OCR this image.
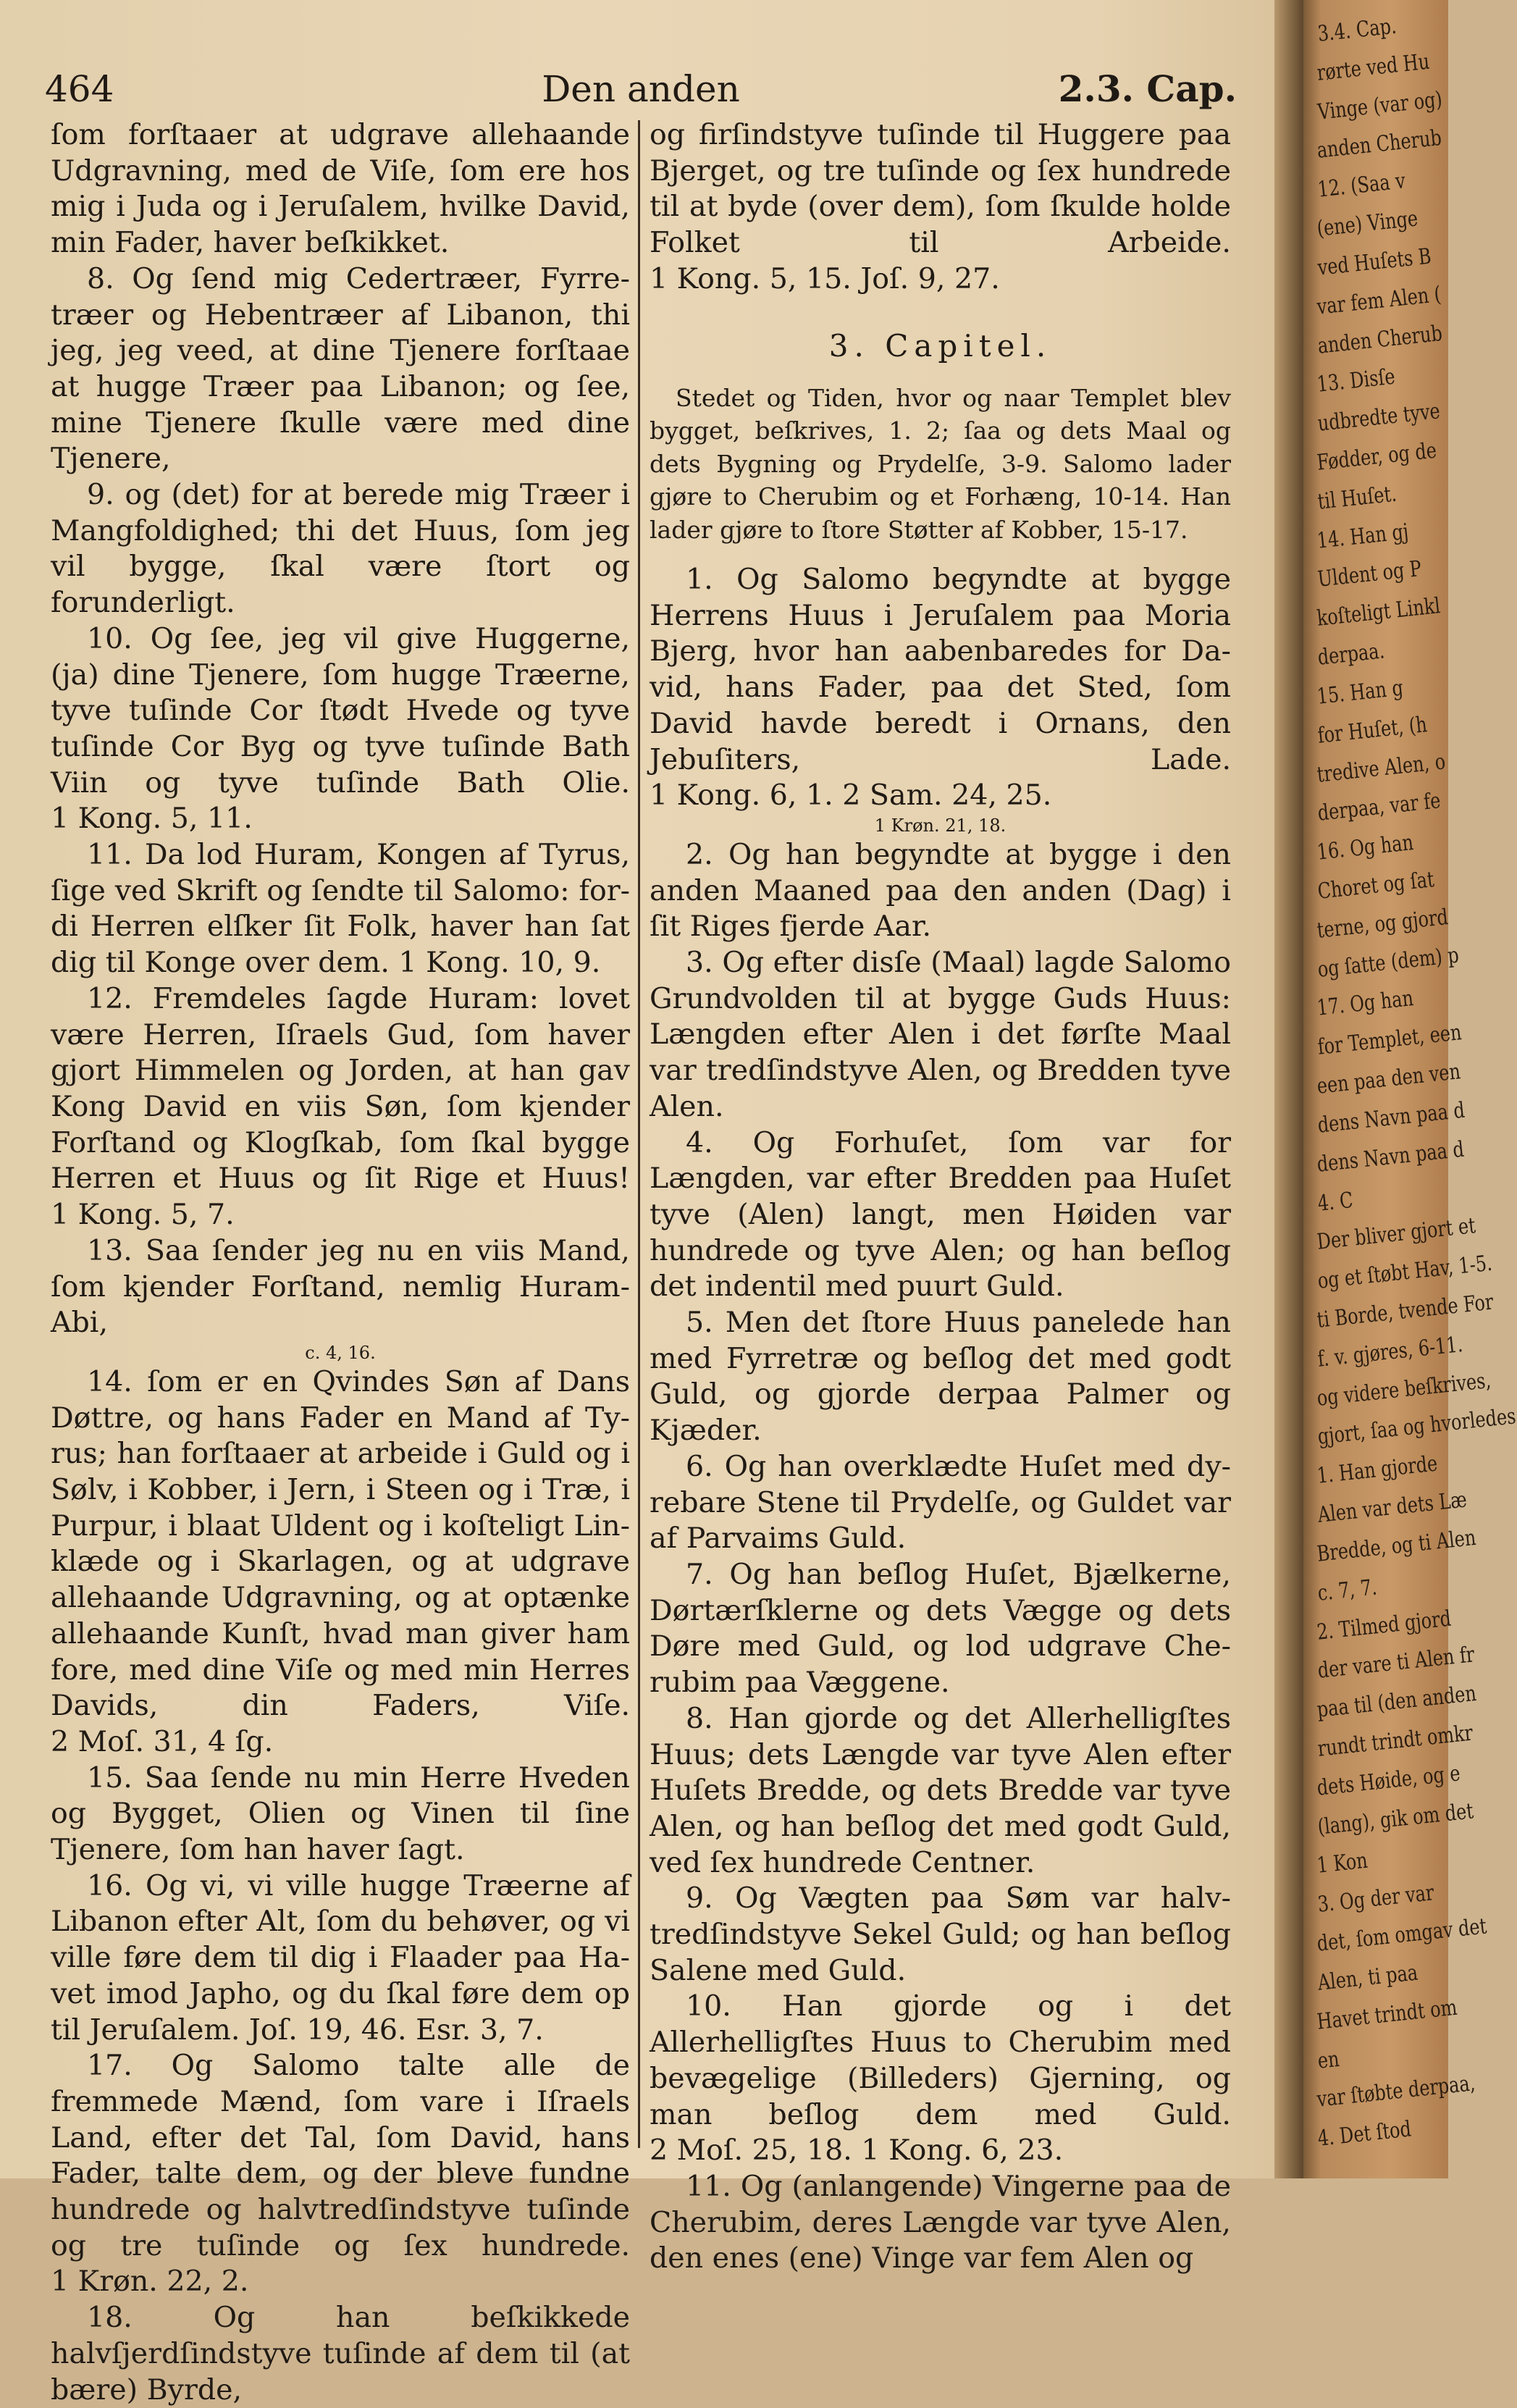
464	Den anden	2.3. Cap.

ſom forſtaaer at udgrave allehaande Udgravning, med de Viſe, ſom ere hos mig i Juda og i Jeruſalem, hvilke David, min Fader, haver beſkikket.

8. Og ſend mig Cedertræer, Fyrretræer og Hebentræer af Libanon, thi jeg, jeg veed, at dine Tjenere forſtaae at hugge Træer paa Libanon; og ſee, mine Tjenere ſkulle være med dine Tjenere,

9. og (det) for at berede mig Træer i Mangfoldighed; thi det Huus, ſom jeg vil bygge, ſkal være ſtort og forunderligt.

10. Og ſee, jeg vil give Huggerne, (ja) dine Tjenere, ſom hugge Træerne, tyve tuſinde Cor ſtødt Hvede og tyve tuſinde Cor Byg og tyve tuſinde Bath Viin og tyve tuſinde Bath Olie. 1 Kong. 5, 11.

11. Da lod Huram, Kongen af Tyrus, ſige ved Skrift og ſendte til Salomo: fordi Herren elſker ſit Folk, haver han ſat dig til Konge over dem. 1 Kong. 10, 9.

12. Fremdeles ſagde Huram: lovet være Herren, Iſraels Gud, ſom haver gjort Himmelen og Jorden, at han gav Kong David en viis Søn, ſom kjender Forſtand og Klogſkab, ſom ſkal bygge Herren et Huus og ſit Rige et Huus! 1 Kong. 5, 7.

13. Saa ſender jeg nu en viis Mand, ſom kjender Forſtand, nemlig Huram-Abi,

c. 4, 16.

14. ſom er en Qvindes Søn af Dans Døttre, og hans Fader en Mand af Tyrus; han forſtaaer at arbeide i Guld og i Sølv, i Kobber, i Jern, i Steen og i Træ, i Purpur, i blaat Uldent og i koſteligt Linklæde og i Skarlagen, og at udgrave allehaande Udgravning, og at optænke allehaande Kunſt, hvad man giver ham fore, med dine Viſe og med min Herres Davids, din Faders, Viſe. 2 Moſ. 31, 4 ſg.

15. Saa ſende nu min Herre Hveden og Bygget, Olien og Vinen til ſine Tjenere, ſom han haver ſagt.

16. Og vi, vi ville hugge Træerne af Libanon efter Alt, ſom du behøver, og vi ville føre dem til dig i Flaader paa Havet imod Japho, og du ſkal føre dem op til Jeruſalem. Joſ. 19, 46. Esr. 3, 7.

17. Og Salomo talte alle de fremmede Mænd, ſom vare i Iſraels Land, efter det Tal, ſom David, hans Fader, talte dem, og der bleve fundne hundrede og halvtredſindstyve tuſinde og tre tuſinde og ſex hundrede. 1 Krøn. 22, 2.

18. Og han beſkikkede halvſjerdſindstyve tuſinde af dem til (at bære) Byrde,

og firſindstyve tuſinde til Huggere paa Bjerget, og tre tuſinde og ſex hundrede til at byde (over dem), ſom ſkulde holde Folket til Arbeide. 1 Kong. 5, 15. Joſ. 9, 27.

3. Capitel.

Stedet og Tiden, hvor og naar Templet blev bygget, beſkrives, 1. 2; ſaa og dets Maal og dets Bygning og Prydelſe, 3-9. Salomo lader gjøre to Cherubim og et Forhæng, 10-14. Han lader gjøre to ſtore Støtter af Kobber, 15-17.

1. Og Salomo begyndte at bygge Herrens Huus i Jeruſalem paa Moria Bjerg, hvor han aabenbaredes for David, hans Fader, paa det Sted, ſom David havde beredt i Ornans, den Jebuſiters, Lade. 1 Kong. 6, 1. 2 Sam. 24, 25.

1 Krøn. 21, 18.

2. Og han begyndte at bygge i den anden Maaned paa den anden (Dag) i ſit Riges fjerde Aar.

3. Og efter disſe (Maal) lagde Salomo Grundvolden til at bygge Guds Huus: Længden efter Alen i det førſte Maal var tredſindstyve Alen, og Bredden tyve Alen.

4. Og Forhuſet, ſom var for Længden, var efter Bredden paa Huſet tyve (Alen) langt, men Høiden var hundrede og tyve Alen; og han beſlog det indentil med puurt Guld.

5. Men det ſtore Huus panelede han med Fyrretræ og beſlog det med godt Guld, og gjorde derpaa Palmer og Kjæder.

6. Og han overklædte Huſet med dyrebare Stene til Prydelſe, og Guldet var af Parvaims Guld.

7. Og han beſlog Huſet, Bjælkerne, Dørtærſklerne og dets Vægge og dets Døre med Guld, og lod udgrave Cherubim paa Væggene.

8. Han gjorde og det Allerhelligſtes Huus; dets Længde var tyve Alen efter Huſets Bredde, og dets Bredde var tyve Alen, og han beſlog det med godt Guld, ved ſex hundrede Centner.

9. Og Vægten paa Søm var halvtredſindstyve Sekel Guld; og han beſlog Salene med Guld.

10. Han gjorde og i det Allerhelligſtes Huus to Cherubim med bevægelige (Billeders) Gjerning, og man beſlog dem med Guld. 2 Moſ. 25, 18. 1 Kong. 6, 23.

11. Og (anlangende) Vingerne paa de Cherubim, deres Længde var tyve Alen, den enes (ene) Vinge var fem Alen og

3.4. Cap.
rørte ved Hu
Vinge (var og)
anden Cherub
12. (Saa v
(ene) Vinge
ved Huſets B
var fem Alen (
anden Cherub
13. Disſe
udbredte tyve
Fødder, og de
til Huſet.
14. Han gj
Uldent og P
koſteligt Linkl
derpaa.
15. Han g
for Huſet, (h
tredive Alen, o
derpaa, var fe
16. Og han
Choret og ſat
terne, og gjord
og ſatte (dem) p
17. Og han
for Templet, een
een paa den ven
dens Navn paa d
dens Navn paa d
4. C
Der bliver gjort et
og et ſtøbt Hav, 1-5.
ti Borde, tvende For
f. v. gjøres, 6-11.
og videre beſkrives,
gjort, ſaa og hvorledes
1. Han gjorde
Alen var dets Læ
Bredde, og ti Alen
c. 7, 7.
2. Tilmed gjord
der vare ti Alen fr
paa til (den anden
rundt trindt omkr
dets Høide, og e
(lang), gik om det
1 Kon
3. Og der var
det, ſom omgav det
Alen, ti paa
Havet trindt om
en
var ſtøbte derpaa,
4. Det ſtod
